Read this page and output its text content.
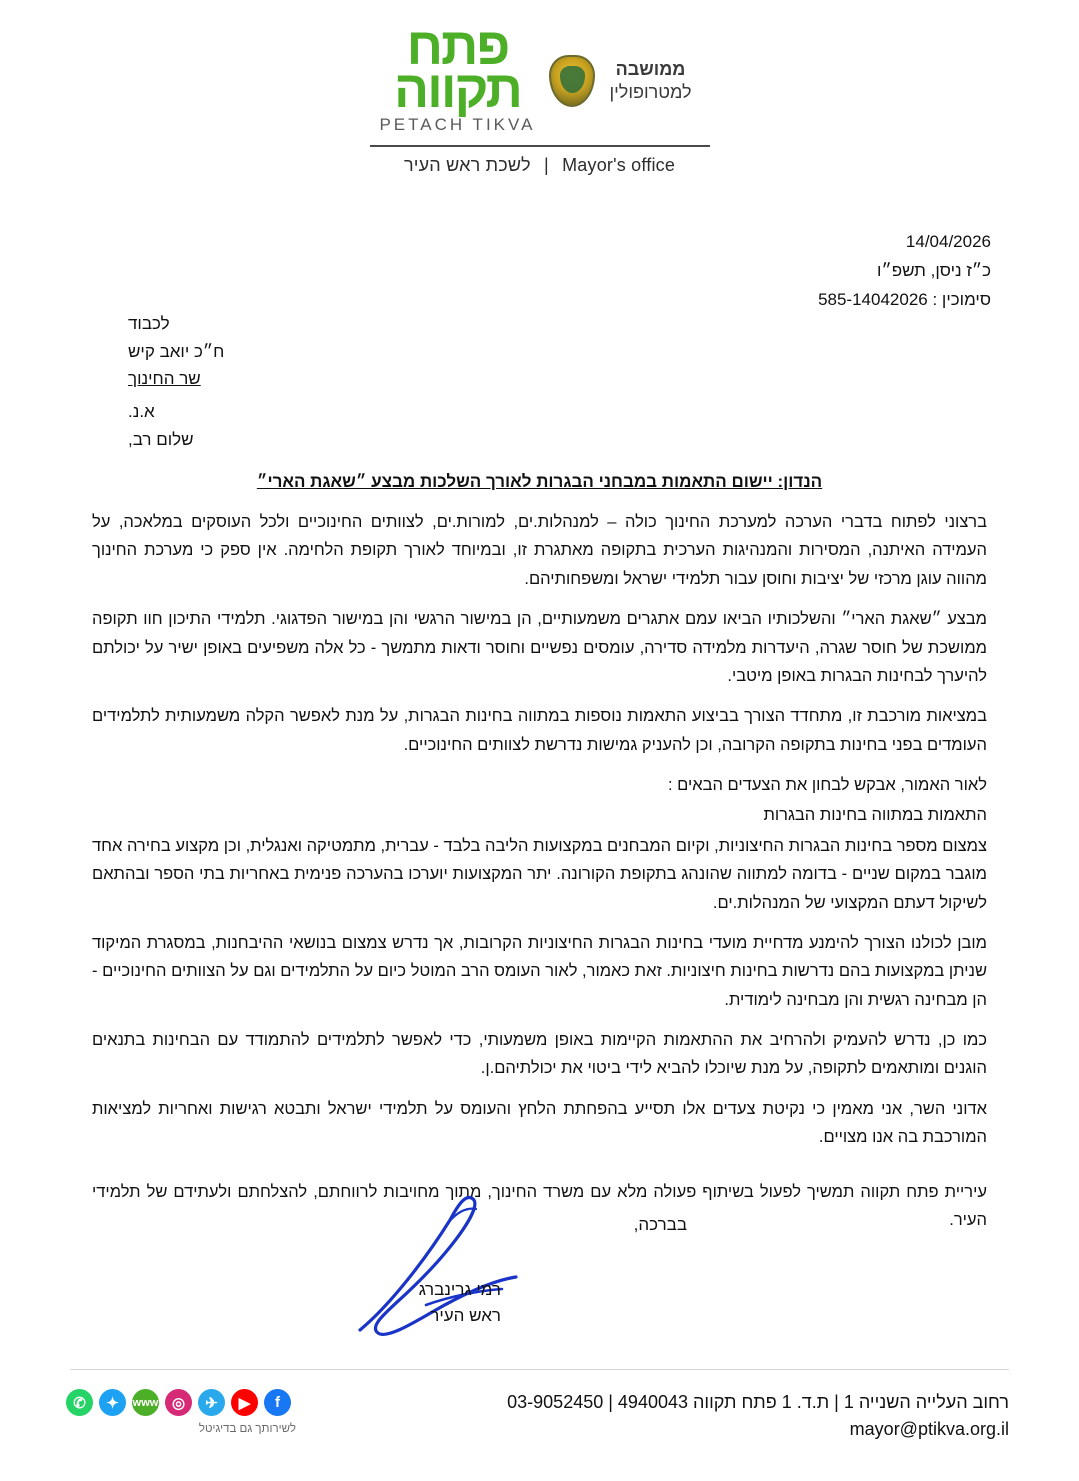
פתח
תקווה
PETACH TIKVA
ממושבה
למטרופולין
Mayor's office | לשכת ראש העיר
14/04/2026
כ״ז ניסן, תשפ״ו
סימוכין : 585-14042026
לכבוד
ח״כ יואב קיש
שר החינוך
א.נ.
שלום רב,
הנדון: יישום התאמות במבחני הבגרות לאורך השלכות מבצע ״שאגת הארי״

ברצוני לפתוח בדברי הערכה למערכת החינוך כולה – למנהלות.ים, למורות.ים, לצוותים החינוכיים ולכל העוסקים במלאכה, על העמידה האיתנה, המסירות והמנהיגות הערכית בתקופה מאתגרת זו, ובמיוחד לאורך תקופת הלחימה. אין ספק כי מערכת החינוך מהווה עוגן מרכזי של יציבות וחוסן עבור תלמידי ישראל ומשפחותיהם.

מבצע ״שאגת הארי״ והשלכותיו הביאו עמם אתגרים משמעותיים, הן במישור הרגשי והן במישור הפדגוגי. תלמידי התיכון חוו תקופה ממושכת של חוסר שגרה, היעדרות מלמידה סדירה, עומסים נפשיים וחוסר ודאות מתמשך - כל אלה משפיעים באופן ישיר על יכולתם להיערך לבחינות הבגרות באופן מיטבי.

במציאות מורכבת זו, מתחדד הצורך בביצוע התאמות נוספות במתווה בחינות הבגרות, על מנת לאפשר הקלה משמעותית לתלמידים העומדים בפני בחינות בתקופה הקרובה, וכן להעניק גמישות נדרשת לצוותים החינוכיים.

לאור האמור, אבקש לבחון את הצעדים הבאים :

התאמות במתווה בחינות הבגרות

צמצום מספר בחינות הבגרות החיצוניות, וקיום המבחנים במקצועות הליבה בלבד - עברית, מתמטיקה ואנגלית, וכן מקצוע בחירה אחד מוגבר במקום שניים - בדומה למתווה שהונהג בתקופת הקורונה. יתר המקצועות יוערכו בהערכה פנימית באחריות בתי הספר ובהתאם לשיקול דעתם המקצועי של המנהלות.ים.

מובן לכולנו הצורך להימנע מדחיית מועדי בחינות הבגרות החיצוניות הקרובות, אך נדרש צמצום בנושאי ההיבחנות, במסגרת המיקוד שניתן במקצועות בהם נדרשות בחינות חיצוניות. זאת כאמור, לאור העומס הרב המוטל כיום על התלמידים וגם על הצוותים החינוכיים - הן מבחינה רגשית והן מבחינה לימודית.

כמו כן, נדרש להעמיק ולהרחיב את ההתאמות הקיימות באופן משמעותי, כדי לאפשר לתלמידים להתמודד עם הבחינות בתנאים הוגנים ומותאמים לתקופה, על מנת שיוכלו להביא לידי ביטוי את יכולתיהם.ן.

אדוני השר, אני מאמין כי נקיטת צעדים אלו תסייע בהפחתת הלחץ והעומס על תלמידי ישראל ותבטא רגישות ואחריות למציאות המורכבת בה אנו מצויים.

עיריית פתח תקווה תמשיך לפעול בשיתוף פעולה מלא עם משרד החינוך, מתוך מחויבות לרווחתם, להצלחתם ולעתידם של תלמידי העיר.

בברכה,
רמי גרינברג
ראש העיר
רחוב העלייה השנייה 1 | ת.ד. 1 פתח תקווה 4940043 | 03-9052450
mayor@ptikva.org.il
f
▶
✈
◎
www
✦
✆
לשירותך גם בדיגיטל
